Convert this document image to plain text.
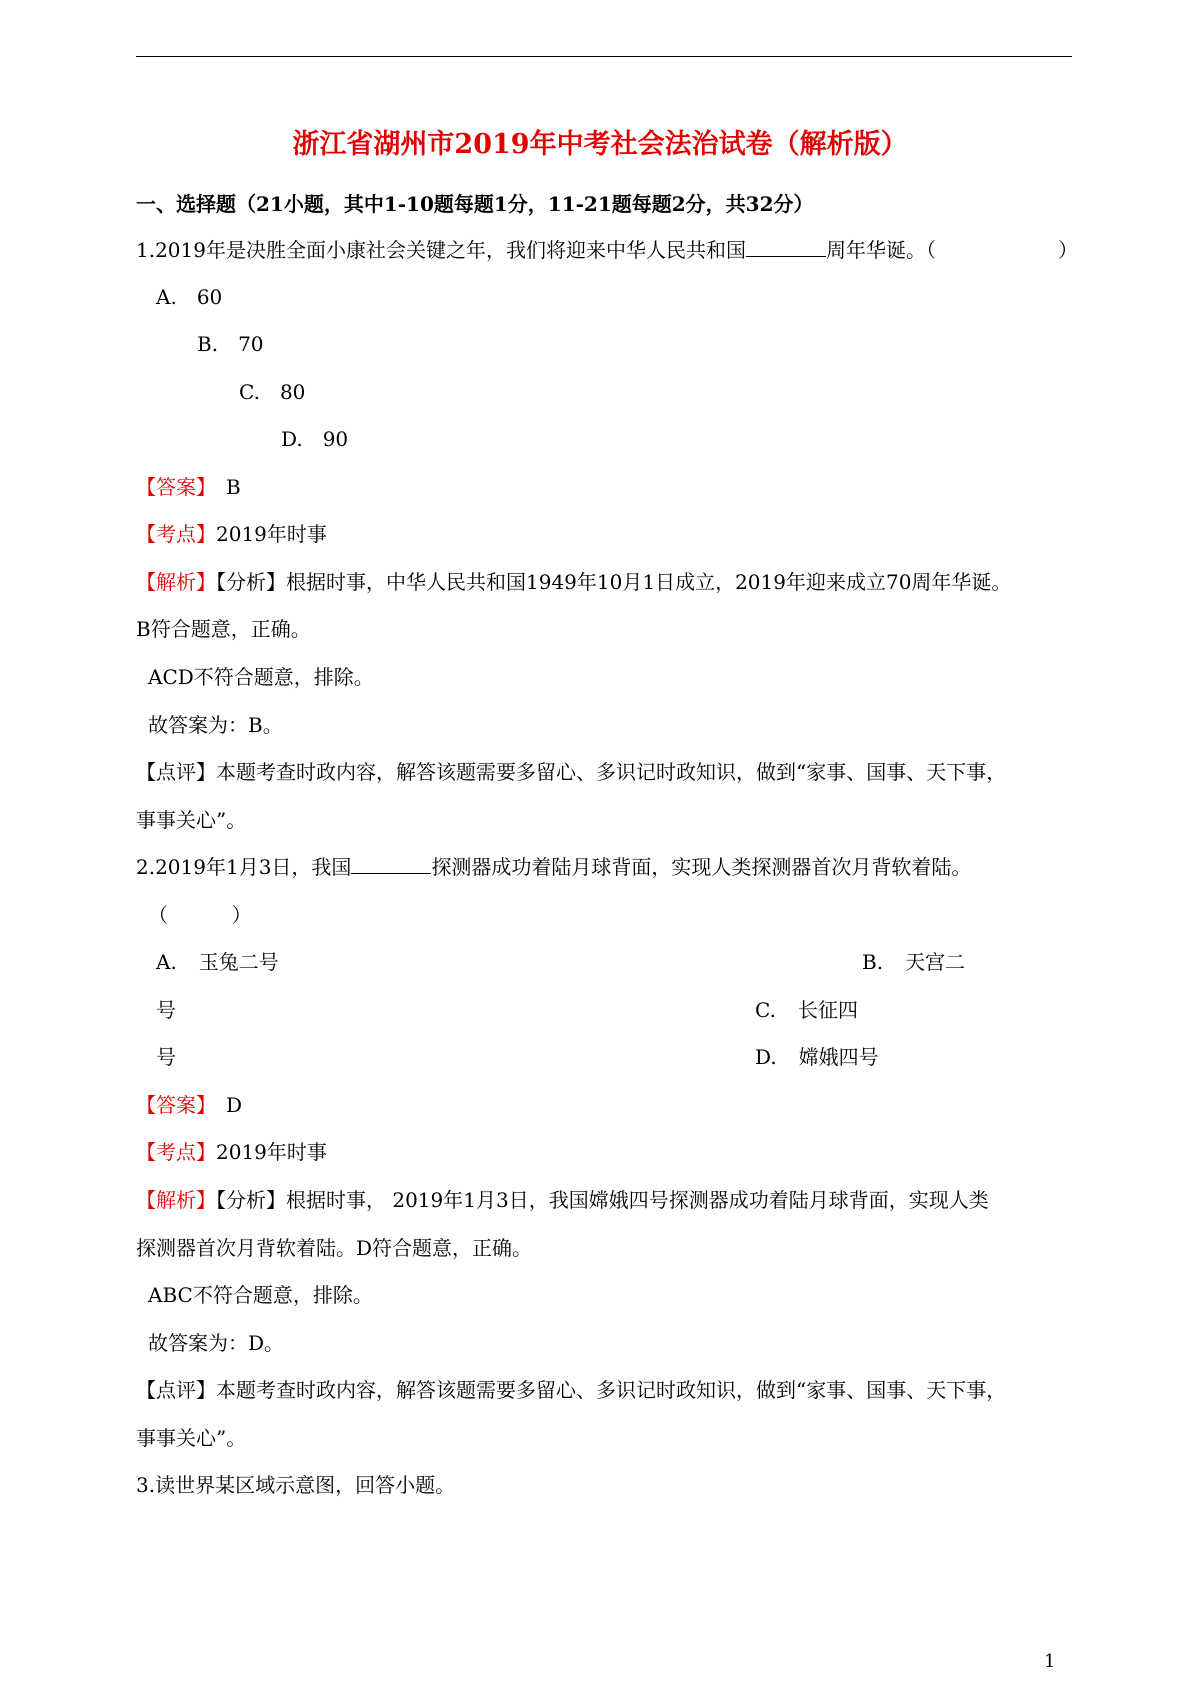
浙江省湖州市2019年中考社会法治试卷（解析版）
一、选择题（21小题，其中1-10题每题1分，11-21题每题2分，共32分）
1.2019年是决胜全面小康社会关键之年，我们将迎来中华人民共和国	周年华诞。（	）
A. 60
B. 70
C. 80
D. 90
【答案】 B
【考点】2019年时事
【解析】【分析】根据时事，中华人民共和国1949年10月1日成立，2019年迎来成立70周年华诞。
B符合题意，正确。
ACD不符合题意，排除。
故答案为：B。
【点评】本题考查时政内容，解答该题需要多留心、多识记时政知识，做到“家事、国事、天下事，
事事关心”。
2.2019年1月3日，我国	探测器成功着陆月球背面，实现人类探测器首次月背软着陆。
（          ）
A. 玉兔二号	B. 天宫二
号	C. 长征四
号	D. 嫦娥四号
【答案】 D
【考点】2019年时事
【解析】【分析】根据时事， 2019年1月3日，我国嫦娥四号探测器成功着陆月球背面，实现人类
探测器首次月背软着陆。D符合题意，正确。
ABC不符合题意，排除。
故答案为：D。
【点评】本题考查时政内容，解答该题需要多留心、多识记时政知识，做到“家事、国事、天下事，
事事关心”。
3.读世界某区域示意图，回答小题。
1
